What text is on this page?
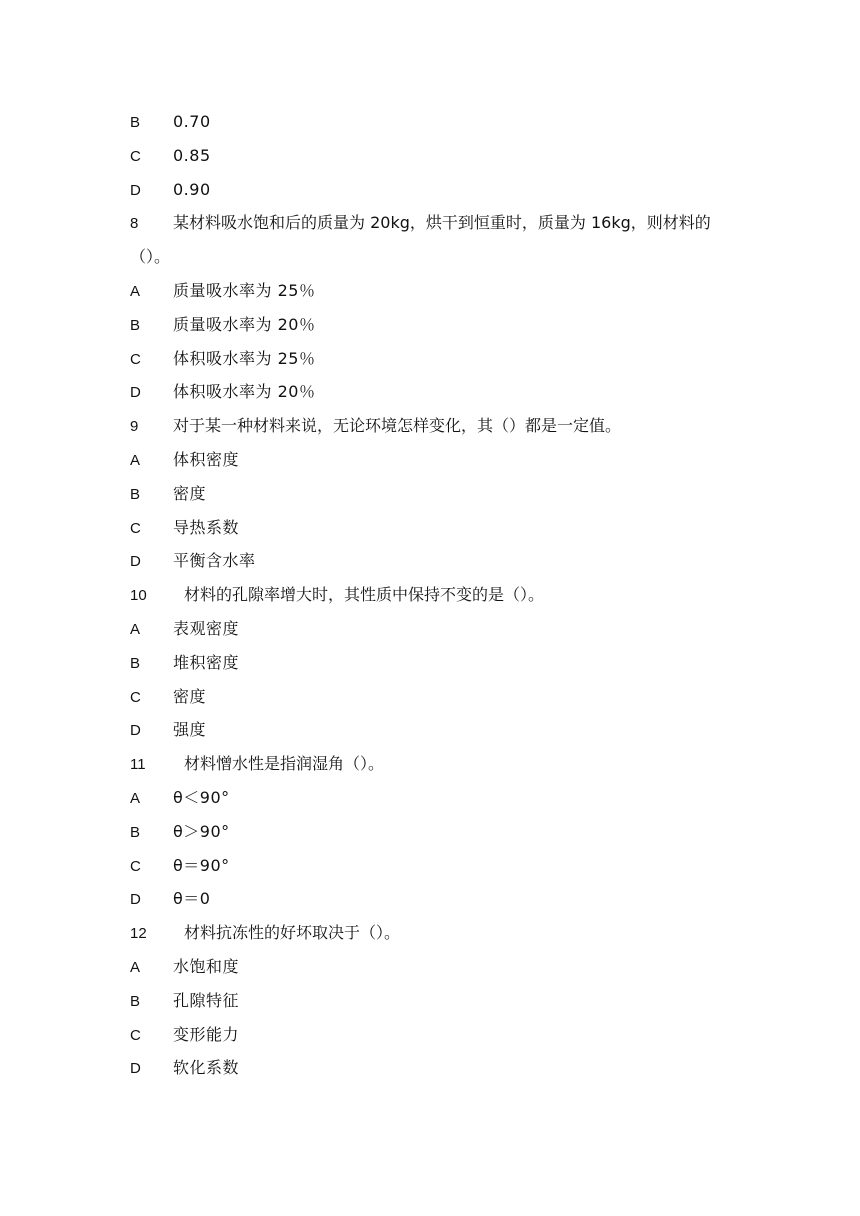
B 0.70
C 0.85
D 0.90
8 某材料吸水饱和后的质量为 20kg，烘干到恒重时，质量为 16kg，则材料的
（）。
A 质量吸水率为 25％
B 质量吸水率为 20％
C 体积吸水率为 25％
D 体积吸水率为 20％
9 对于某一种材料来说，无论环境怎样变化，其（）都是一定值。
A 体积密度
B 密度
C 导热系数
D 平衡含水率
10 材料的孔隙率增大时，其性质中保持不变的是（）。
A 表观密度
B 堆积密度
C 密度
D 强度
11 材料憎水性是指润湿角（）。
A θ＜90°
B θ＞90°
C θ＝90°
D θ＝0
12 材料抗冻性的好坏取决于（）。
A 水饱和度
B 孔隙特征
C 变形能力
D 软化系数
